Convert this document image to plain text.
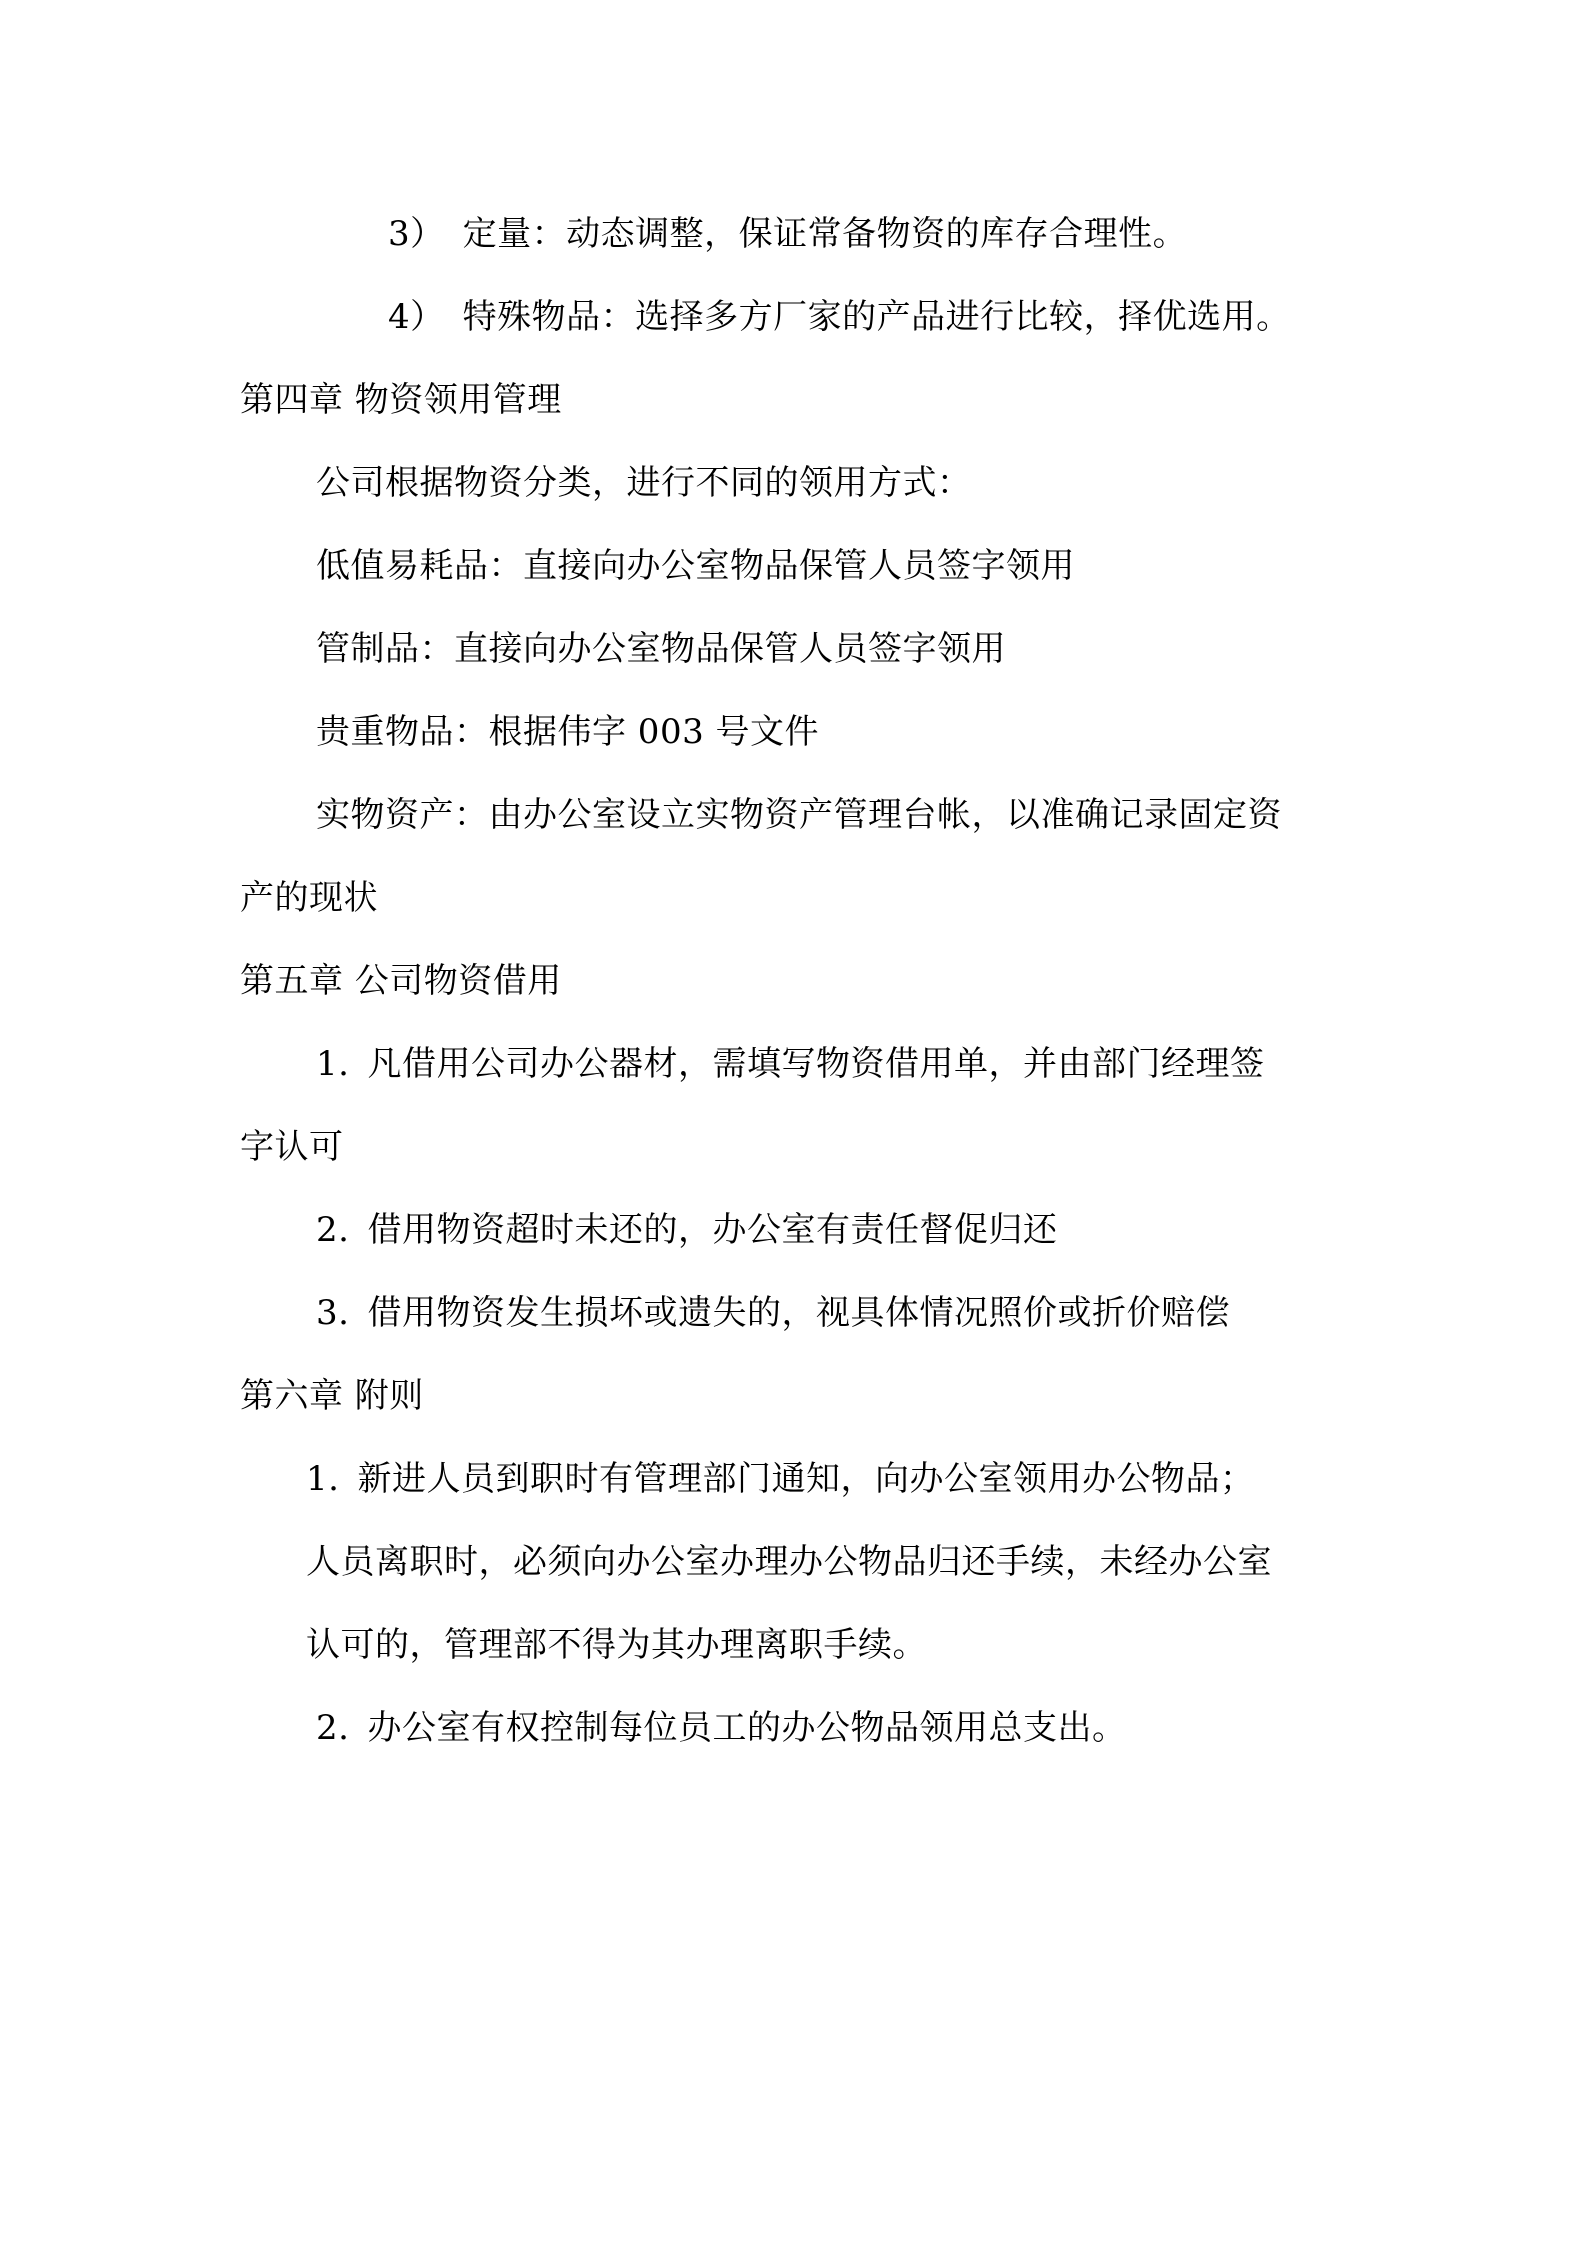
3） 定量：动态调整，保证常备物资的库存合理性。
4） 特殊物品：选择多方厂家的产品进行比较，择优选用。
第四章 物资领用管理
公司根据物资分类，进行不同的领用方式：
低值易耗品：直接向办公室物品保管人员签字领用
管制品：直接向办公室物品保管人员签字领用
贵重物品：根据伟字 003 号文件
实物资产：由办公室设立实物资产管理台帐，以准确记录固定资
产的现状
第五章 公司物资借用
1. 凡借用公司办公器材，需填写物资借用单，并由部门经理签
字认可
2. 借用物资超时未还的，办公室有责任督促归还
3. 借用物资发生损坏或遗失的，视具体情况照价或折价赔偿
第六章 附则
1. 新进人员到职时有管理部门通知，向办公室领用办公物品；
人员离职时，必须向办公室办理办公物品归还手续，未经办公室
认可的，管理部不得为其办理离职手续。
2. 办公室有权控制每位员工的办公物品领用总支出。
